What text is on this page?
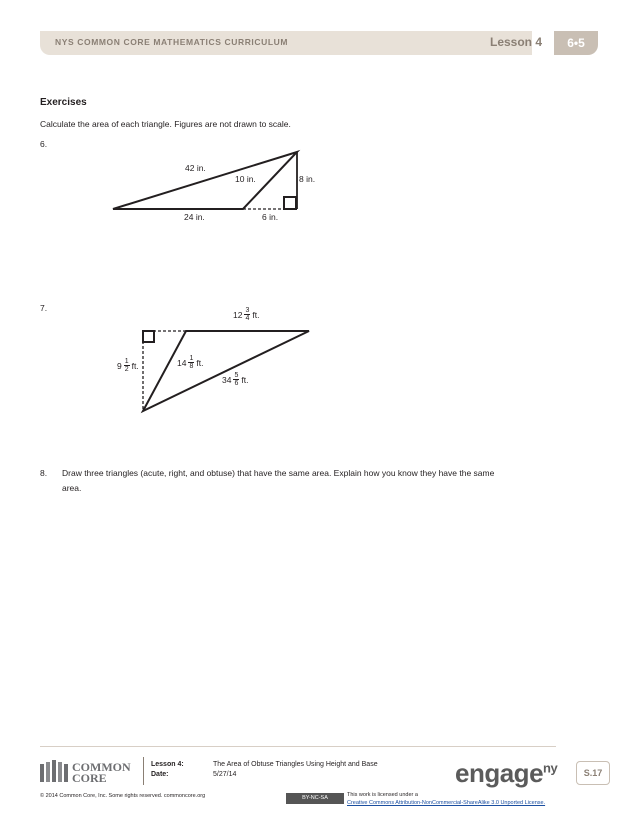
NYS COMMON CORE MATHEMATICS CURRICULUM	Lesson 4	6•5
Exercises
Calculate the area of each triangle. Figures are not drawn to scale.
6.
42 in.
10 in.	8 in.
24 in.	6 in.
7.
$12 \frac{3}{4}$ ft.
$9 \frac{1}{2}$ ft.	$14 \frac{1}{8}$ ft.
$34 \frac{5}{6}$ ft.
8. Draw three triangles (acute, right, and obtuse) that have the same area. Explain how you know they have the same
area.
COMMON
CORE
Lesson 4:	The Area of Obtuse Triangles Using Height and Base
Date:	5/27/14	engage$^{ny}$	S.17
© 2014 Common Core, Inc. Some rights reserved. commoncore.org	BY-NC-SA	This work is licensed under a
Creative Commons Attribution-NonCommercial-ShareAlike 3.0 Unported License.
